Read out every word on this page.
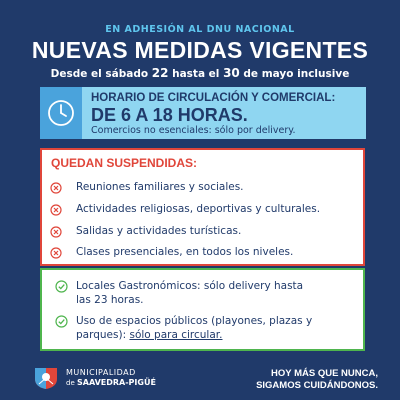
EN ADHESIÓN AL DNU NACIONAL
NUEVAS MEDIDAS VIGENTES
Desde el sábado 22 hasta el 30 de mayo inclusive
HORARIO DE CIRCULACIÓN Y COMERCIAL:
DE 6 A 18 HORAS.
Comercios no esenciales: sólo por delivery.
QUEDAN SUSPENDIDAS:
Reuniones familiares y sociales.
Actividades religiosas, deportivas y culturales.
Salidas y actividades turísticas.
Clases presenciales, en todos los niveles.
Locales Gastronómicos: sólo delivery hasta
las 23 horas.
Uso de espacios públicos (playones, plazas y
parques): sólo para circular.
MUNICIPALIDAD
de SAAVEDRA-PIGÜÉ
HOY MÁS QUE NUNCA,
SIGAMOS CUIDÁNDONOS.
